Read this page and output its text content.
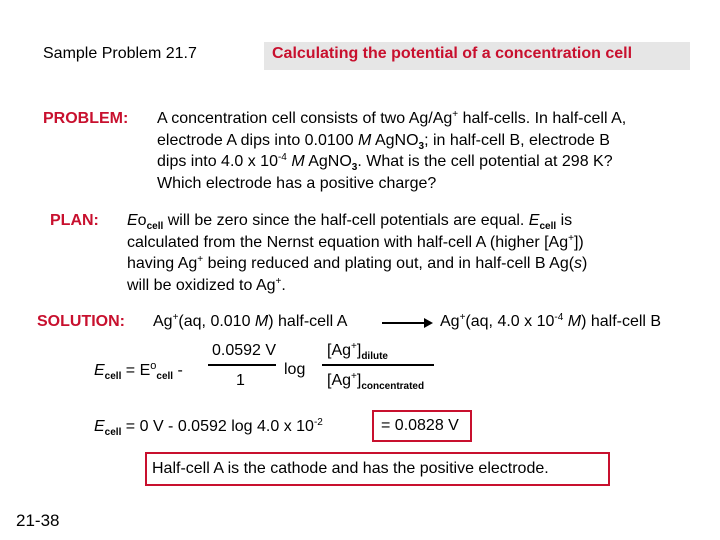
Sample Problem 21.7	Calculating the potential of a concentration cell
PROBLEM: A concentration cell consists of two Ag/Ag+ half-cells. In half-cell A,
electrode A dips into 0.0100 M AgNO$_3$; in half-cell B, electrode B
dips into 4.0 x $10^{-4}$ M AgNO$_3$. What is the cell potential at 298 K?
Which electrode has a positive charge?
PLAN: $Eo_{cell}$ will be zero since the half-cell potentials are equal. $E_{cell}$ is
calculated from the Nernst equation with half-cell A (higher [Ag+])
having Ag+ being reduced and plating out, and in half-cell B Ag(s)
will be oxidized to Ag+.
SOLUTION: Ag+(aq, 0.010 M) half-cell A	Ag+(aq, 4.0 x $10^{-4}$ M) half-cell B
$E_{cell} = E^o_{cell}$ -
0.0592 V
1
log
$[Ag^+]_{dilute}$
$[Ag^+]_{concentrated}$
$E_{cell} = 0$ V - 0.0592 log 4.0 x $10^{-2}$	= 0.0828 V
Half-cell A is the cathode and has the positive electrode.
21-38
